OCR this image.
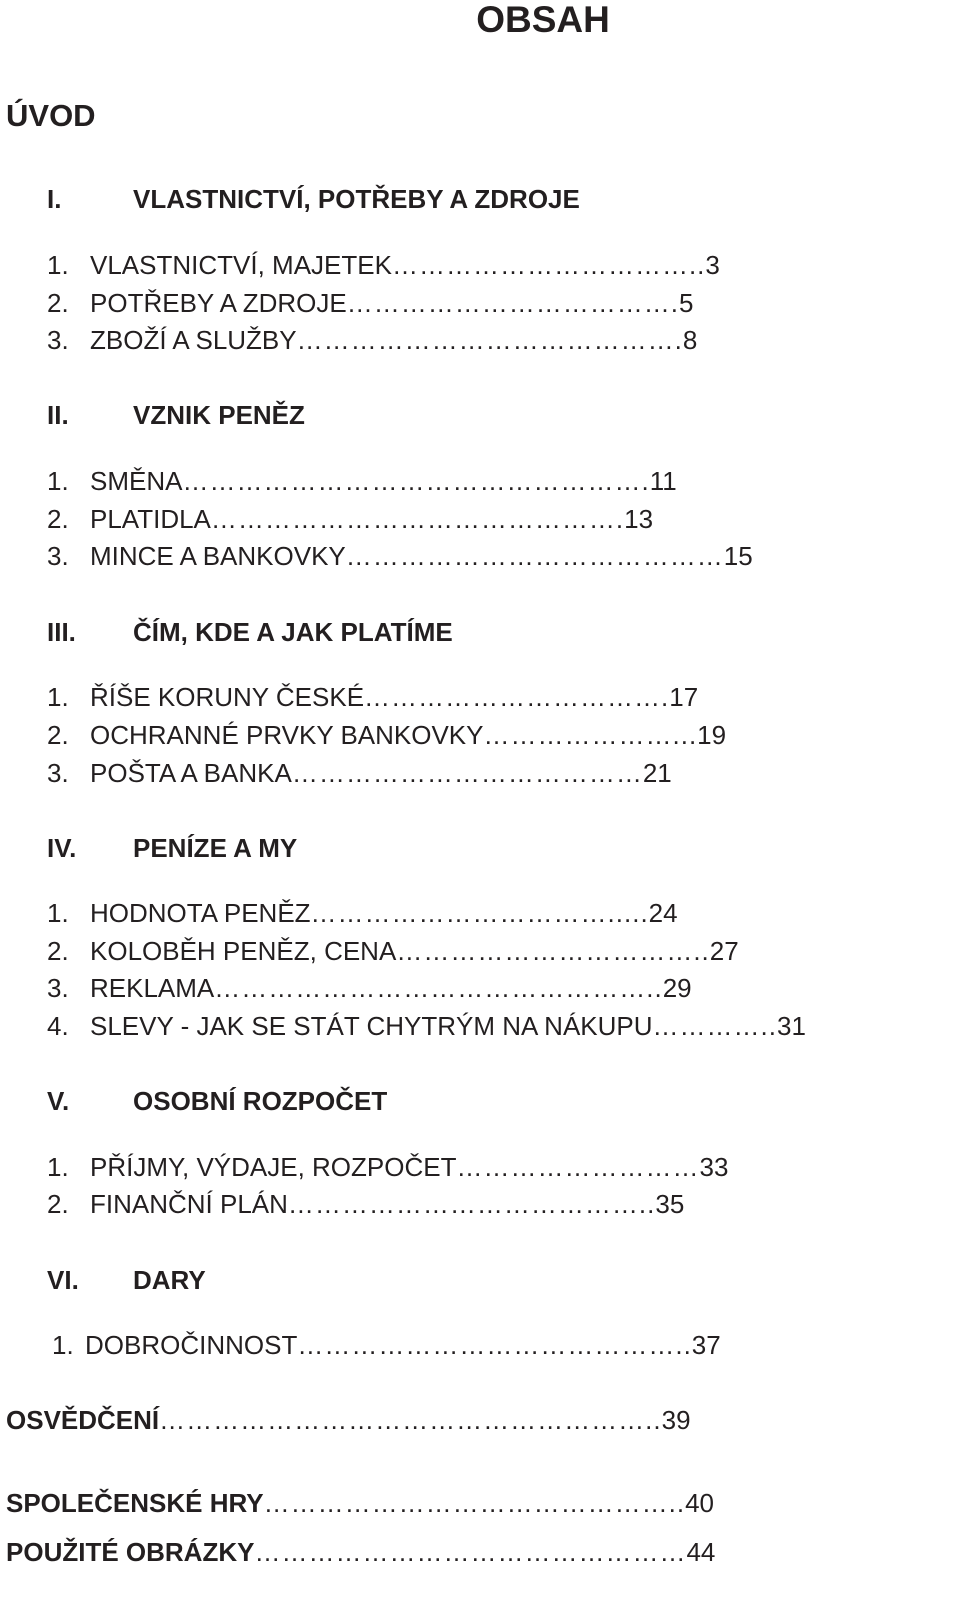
OBSAH
ÚVOD
I.	VLASTNICTVÍ, POTŘEBY A ZDROJE
1. VLASTNICTVÍ, MAJETEK …………………………….. 3
2. POTŘEBY A ZDROJE ………………………………. 5
3. ZBOŽÍ A SLUŽBY ……………………………………. 8
II. VZNIK PENĚZ
1. SMĚNA ……………………………………………. 11
2. PLATIDLA ………………………………………. 13
3. MINCE A BANKOVKY …………………………………… 15
III. ČÍM, KDE A JAK PLATÍME
1. ŘÍŠE KORUNY ČESKÉ ……………………………. 17
2. OCHRANNÉ PRVKY BANKOVKY …………………... 19
3. POŠTA A BANKA ………………………………… 21
IV. PENÍZE A MY
1. HODNOTA PENĚZ ……………………………..... 24
2. KOLOBĚH PENĚZ, CENA …………………………….. 27
3. REKLAMA ………………………………………….. 29
4. SLEVY - JAK SE STÁT CHYTRÝM NA NÁKUPU ………….. 31
V. OSOBNÍ ROZPOČET
1. PŘÍJMY, VÝDAJE, ROZPOČET ……………………… 33
2. FINANČNÍ PLÁN ………………………………….. 35
VI. DARY
1. DOBROČINNOST …………………………………….. 37
OSVĚDČENÍ ……………………………………………….. 39
SPOLEČENSKÉ HRY ……………………………………….. 40
POUŽITÉ OBRÁZKY ………………………………………… 44
